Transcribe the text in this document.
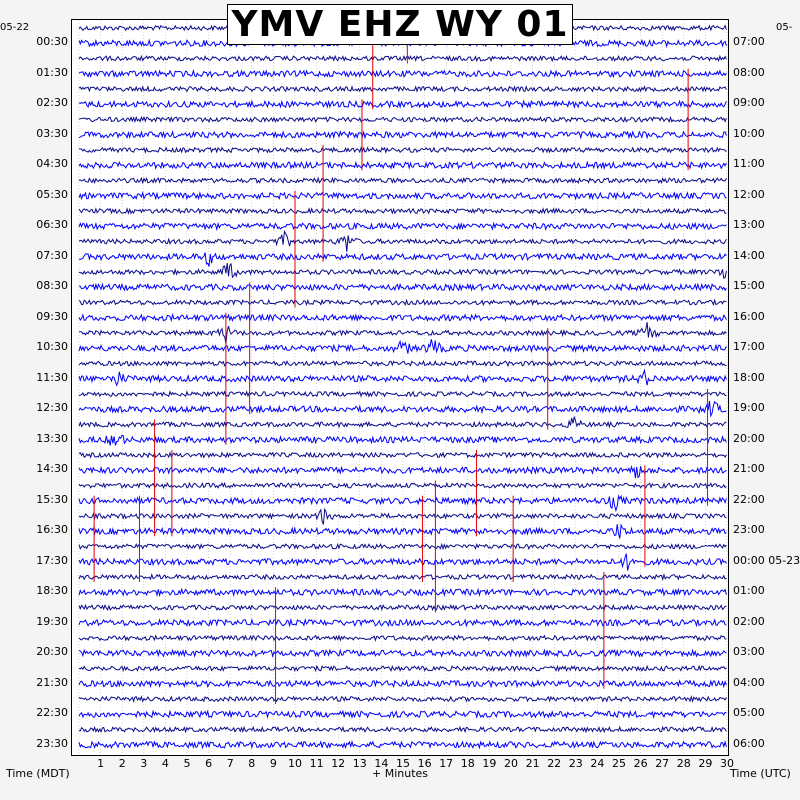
YMV EHZ WY 01
00:30
01:30
02:30
03:30
04:30
05:30
06:30
07:30
08:30
09:30
10:30
11:30
12:30
13:30
14:30
15:30
16:30
17:30
18:30
19:30
20:30
21:30
22:30
23:30
07:00
08:00
09:00
10:00
11:00
12:00
13:00
14:00
15:00
16:00
17:00
18:00
19:00
20:00
21:00
22:00
23:00
00:00 05-23
01:00
02:00
03:00
04:00
05:00
06:00
1	2	3	4	5	6	7	8	9	10 11 12 13 14 15 16 17 18 19 20 21 22 23 24 25 26 27 28 29 30
05-22	05-
Time (MDT)	+ Minutes	Time (UTC)
